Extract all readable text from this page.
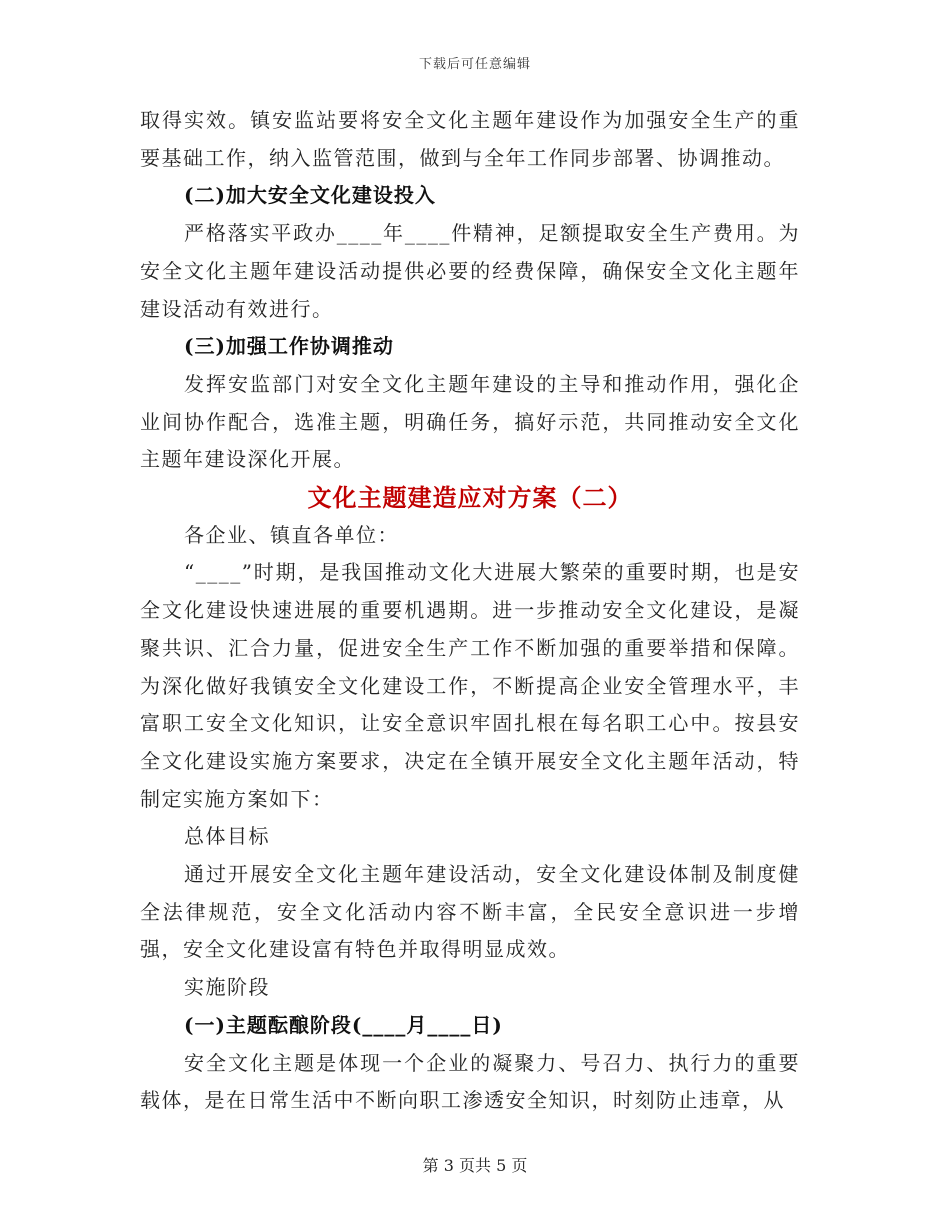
下载后可任意编辑

取得实效。镇安监站要将安全文化主题年建设作为加强安全生产的重要基础工作，纳入监管范围，做到与全年工作同步部署、协调推动。

(二)加大安全文化建设投入

严格落实平政办____年____件精神，足额提取安全生产费用。为安全文化主题年建设活动提供必要的经费保障，确保安全文化主题年建设活动有效进行。

(三)加强工作协调推动

发挥安监部门对安全文化主题年建设的主导和推动作用，强化企业间协作配合，选准主题，明确任务，搞好示范，共同推动安全文化主题年建设深化开展。

文化主题建造应对方案（二）

各企业、镇直各单位：

“____”时期，是我国推动文化大进展大繁荣的重要时期，也是安全文化建设快速进展的重要机遇期。进一步推动安全文化建设，是凝聚共识、汇合力量，促进安全生产工作不断加强的重要举措和保障。为深化做好我镇安全文化建设工作，不断提高企业安全管理水平，丰富职工安全文化知识，让安全意识牢固扎根在每名职工心中。按县安全文化建设实施方案要求，决定在全镇开展安全文化主题年活动，特制定实施方案如下：

总体目标

通过开展安全文化主题年建设活动，安全文化建设体制及制度健全法律规范，安全文化活动内容不断丰富，全民安全意识进一步增强，安全文化建设富有特色并取得明显成效。

实施阶段

(一)主题酝酿阶段(____月____日)

安全文化主题是体现一个企业的凝聚力、号召力、执行力的重要载体，是在日常生活中不断向职工渗透安全知识，时刻防止违章，从

第 3 页共 5 页
